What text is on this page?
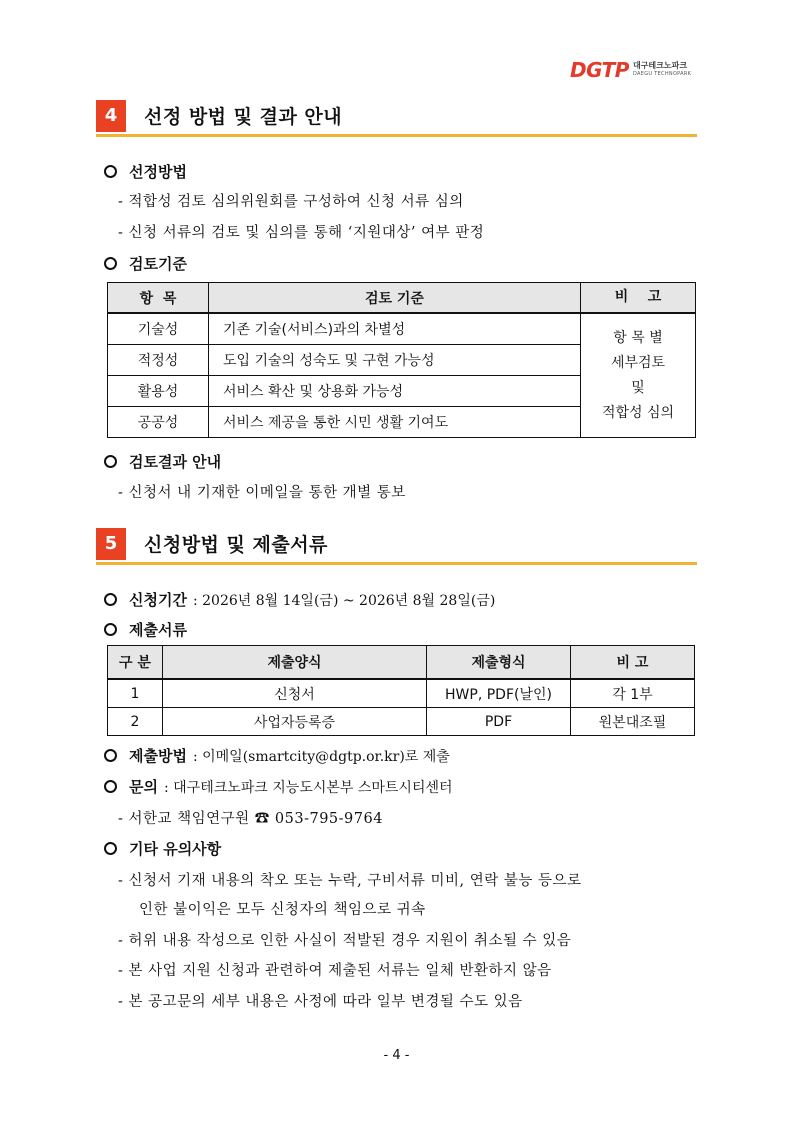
DGTP 대구테크노파크
DAEGU TECHNOPARK
4	선정 방법 및 결과 안내
선정방법
- 적합성 검토 심의위원회를 구성하여 신청 서류 심의
- 신청 서류의 검토 및 심의를 통해 ‘지원대상’ 여부 판정
검토기준
항  목	검토 기준	비    고
기술성	기존 기술(서비스)과의 차별성	항 목 별
세부검토
및
적합성 심의

적정성	도입 기술의 성숙도 및 구현 가능성	
활용성	서비스 확산 및 상용화 가능성	
공공성	서비스 제공을 통한 시민 생활 기여도	
검토결과 안내
- 신청서 내 기재한 이메일을 통한 개별 통보
5	신청방법 및 제출서류
신청기간 : 2026년 8월 14일(금) ~ 2026년 8월 28일(금)
제출서류
구 분	제출양식	제출형식	비 고
1	신청서	HWP, PDF(날인)	각 1부
2	사업자등록증	PDF	원본대조필
제출방법 : 이메일(smartcity@dgtp.or.kr)로 제출
문의 : 대구테크노파크 지능도시본부 스마트시티센터
- 서한교 책임연구원 ☎ 053-795-9764
기타 유의사항
- 신청서 기재 내용의 착오 또는 누락, 구비서류 미비, 연락 불능 등으로
인한 불이익은 모두 신청자의 책임으로 귀속
- 허위 내용 작성으로 인한 사실이 적발된 경우 지원이 취소될 수 있음
- 본 사업 지원 신청과 관련하여 제출된 서류는 일체 반환하지 않음
- 본 공고문의 세부 내용은 사정에 따라 일부 변경될 수도 있음
- 4 -
